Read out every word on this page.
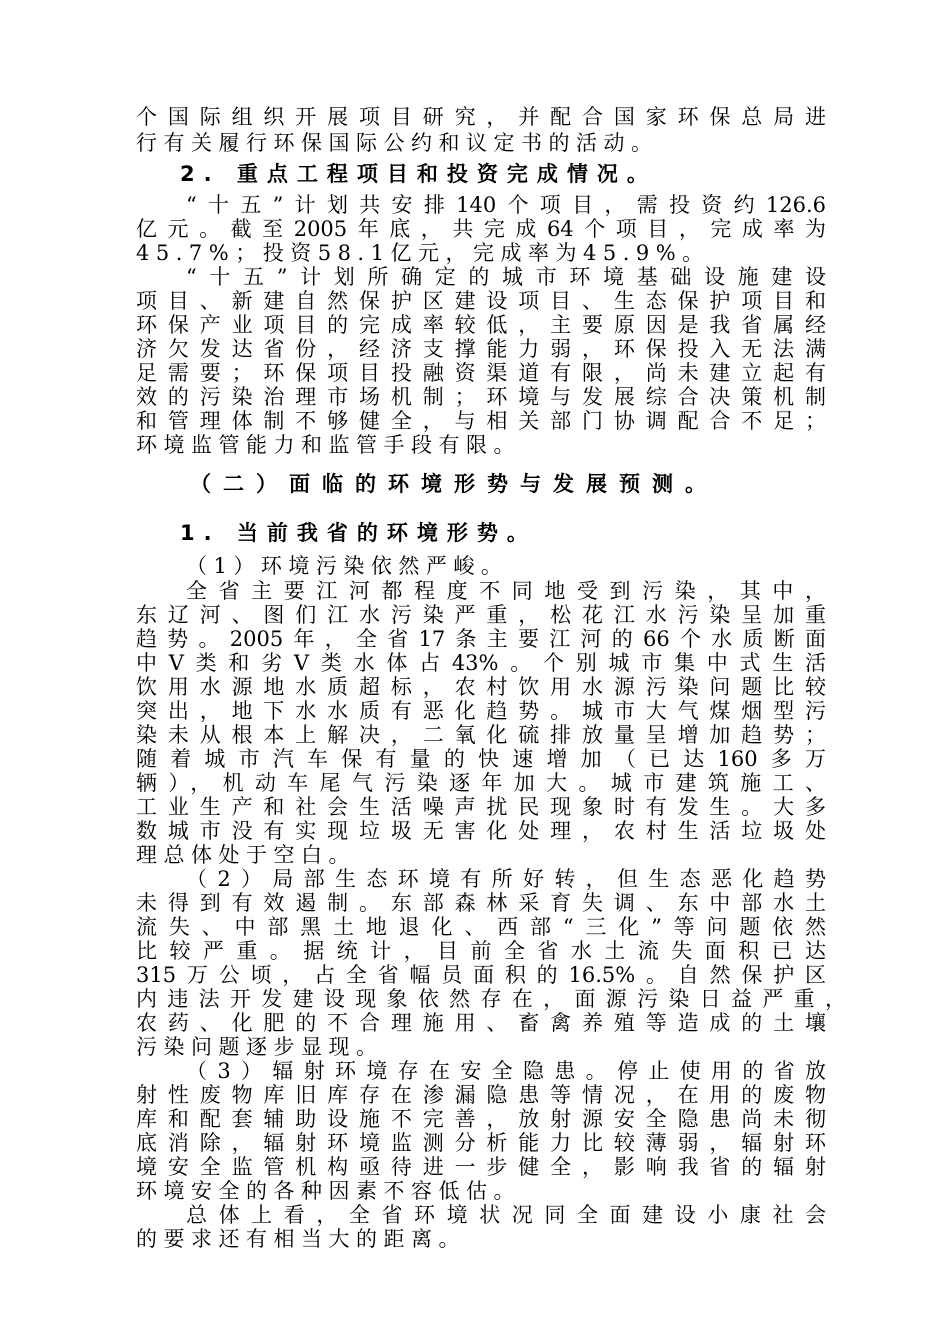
个国际组织开展项目研究，并配合国家环保总局进
行有关履行环保国际公约和议定书的活动。
2. 重点工程项目和投资完成情况。
“十五”计划共安排140个项目，需投资约126.6
亿元。截至2005年底，共完成64个项目，完成率为
45.7%；投资58.1亿元，完成率为45.9%。
“十五”计划所确定的城市环境基础设施建设
项目、新建自然保护区建设项目、生态保护项目和
环保产业项目的完成率较低，主要原因是我省属经
济欠发达省份，经济支撑能力弱，环保投入无法满
足需要；环保项目投融资渠道有限，尚未建立起有
效的污染治理市场机制；环境与发展综合决策机制
和管理体制不够健全，与相关部门协调配合不足；
环境监管能力和监管手段有限。
（二）面临的环境形势与发展预测。
1. 当前我省的环境形势。
（1）环境污染依然严峻。
全省主要江河都程度不同地受到污染，其中，
东辽河、图们江水污染严重，松花江水污染呈加重
趋势。2005年，全省17条主要江河的66个水质断面
中Ⅴ类和劣Ⅴ类水体占43%。个别城市集中式生活
饮用水源地水质超标，农村饮用水源污染问题比较
突出，地下水水质有恶化趋势。城市大气煤烟型污
染未从根本上解决，二氧化硫排放量呈增加趋势；
随着城市汽车保有量的快速增加（已达160多万
辆），机动车尾气污染逐年加大。城市建筑施工、
工业生产和社会生活噪声扰民现象时有发生。大多
数城市没有实现垃圾无害化处理，农村生活垃圾处
理总体处于空白。
（2）局部生态环境有所好转，但生态恶化趋势
未得到有效遏制。东部森林采育失调、东中部水土
流失、中部黑土地退化、西部“三化”等问题依然
比较严重。据统计，目前全省水土流失面积已达
315万公顷，占全省幅员面积的16.5%。自然保护区
内违法开发建设现象依然存在，面源污染日益严重，
农药、化肥的不合理施用、畜禽养殖等造成的土壤
污染问题逐步显现。
（3）辐射环境存在安全隐患。停止使用的省放
射性废物库旧库存在渗漏隐患等情况，在用的废物
库和配套辅助设施不完善，放射源安全隐患尚未彻
底消除，辐射环境监测分析能力比较薄弱，辐射环
境安全监管机构亟待进一步健全，影响我省的辐射
环境安全的各种因素不容低估。
总体上看，全省环境状况同全面建设小康社会
的要求还有相当大的距离。
